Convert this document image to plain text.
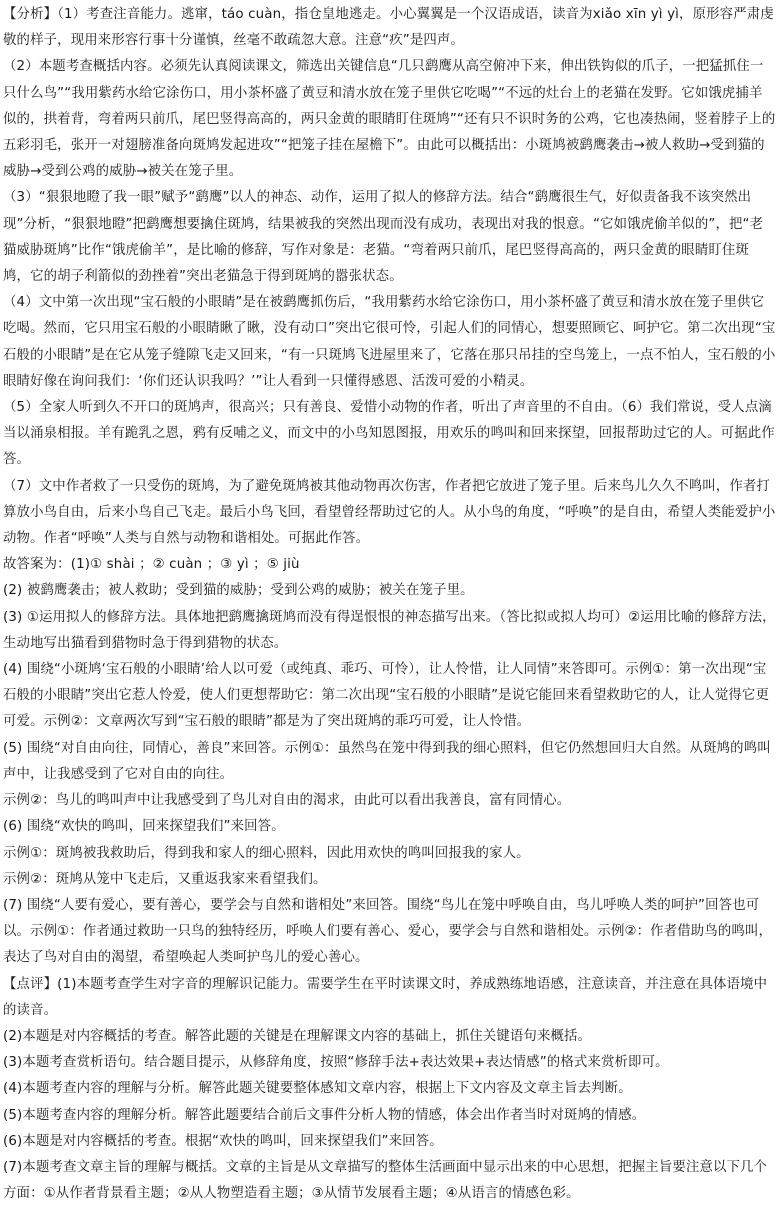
【分析】（1）考查注音能力。逃窜，táo cuàn，指仓皇地逃走。小心翼翼是一个汉语成语，读音为xiǎo xīn yì yì，原形容严肃虔敬的样子，现用来形容行事十分谨慎，丝毫不敢疏忽大意。注意“疚”是四声。

（2）本题考查概括内容。必须先认真阅读课文，筛选出关键信息“几只鹞鹰从高空俯冲下来，伸出铁钩似的爪子，一把猛抓住一只什么鸟”“我用紫药水给它涂伤口，用小茶杯盛了黄豆和清水放在笼子里供它吃喝”“不远的灶台上的老猫在发野。它如饿虎捕羊似的，拱着背，弯着两只前爪，尾巴竖得高高的，两只金黄的眼睛盯住斑鸠”“还有只不识时务的公鸡，它也凑热闹，竖着脖子上的五彩羽毛，张开一对翅膀准备向斑鸠发起进攻”“把笼子挂在屋檐下”。由此可以概括出：小斑鸠被鹞鹰袭击→被人救助→受到猫的威胁→受到公鸡的威胁→被关在笼子里。

（3）“狠狠地瞪了我一眼”赋予“鹞鹰”以人的神态、动作，运用了拟人的修辞方法。结合“鹞鹰很生气，好似责备我不该突然出现”分析，“狠狠地瞪”把鹞鹰想要擒住斑鸠，结果被我的突然出现而没有成功，表现出对我的恨意。“它如饿虎偷羊似的”，把“老猫威胁斑鸠”比作“饿虎偷羊”，是比喻的修辞，写作对象是：老猫。“弯着两只前爪，尾巴竖得高高的，两只金黄的眼睛盯住斑鸠，它的胡子利箭似的劲挫着”突出老猫急于得到斑鸠的嚣张状态。

（4）文中第一次出现“宝石般的小眼睛”是在被鹞鹰抓伤后，“我用紫药水给它涂伤口，用小茶杯盛了黄豆和清水放在笼子里供它吃喝。然而，它只用宝石般的小眼睛瞅了瞅，没有动口”突出它很可怜，引起人们的同情心，想要照顾它、呵护它。第二次出现“宝石般的小眼睛”是在它从笼子缝隙飞走又回来，“有一只斑鸠飞进屋里来了，它落在那只吊挂的空鸟笼上，一点不怕人，宝石般的小眼睛好像在询问我们：‘你们还认识我吗？’”让人看到一只懂得感恩、活泼可爱的小精灵。

（5）全家人听到久不开口的斑鸠声，很高兴；只有善良、爱惜小动物的作者，听出了声音里的不自由。（6）我们常说，受人点滴当以涌泉相报。羊有跪乳之恩，鸦有反哺之义，而文中的小鸟知恩图报，用欢乐的鸣叫和回来探望，回报帮助过它的人。可据此作答。

（7）文中作者救了一只受伤的斑鸠，为了避免斑鸠被其他动物再次伤害，作者把它放进了笼子里。后来鸟儿久久不鸣叫，作者打算放小鸟自由，后来小鸟自己飞走。最后小鸟飞回，看望曾经帮助过它的人。从小鸟的角度，“呼唤”的是自由，希望人类能爱护小动物。作者“呼唤”人类与自然与动物和谐相处。可据此作答。

故答案为：(1)① shài ；② cuàn ；③ yì ；⑤ jiù

(2) 被鹞鹰袭击；被人救助；受到猫的威胁；受到公鸡的威胁；被关在笼子里。

(3) ①运用拟人的修辞方法。具体地把鹞鹰擒斑鸠而没有得逞恨恨的神态描写出来。（答比拟或拟人均可）②运用比喻的修辞方法，生动地写出猫看到猎物时急于得到猎物的状态。

(4) 围绕“小斑鸠‘宝石般的小眼睛’给人以可爱（或纯真、乖巧、可怜），让人怜惜，让人同情”来答即可。示例①：第一次出现“宝石般的小眼睛”突出它惹人怜爱，使人们更想帮助它：第二次出现“宝石般的小眼睛”是说它能回来看望救助它的人，让人觉得它更可爱。示例②：文章两次写到“宝石般的眼睛”都是为了突出斑鸠的乖巧可爱，让人怜惜。

(5) 围绕“对自由向往，同情心，善良”来回答。示例①：虽然鸟在笼中得到我的细心照料，但它仍然想回归大自然。从斑鸠的鸣叫声中，让我感受到了它对自由的向往。

示例②：鸟儿的鸣叫声中让我感受到了鸟儿对自由的渴求，由此可以看出我善良，富有同情心。

(6) 围绕“欢快的鸣叫，回来探望我们”来回答。

示例①：斑鸠被我救助后，得到我和家人的细心照料，因此用欢快的鸣叫回报我的家人。

示例②：斑鸠从笼中飞走后，又重返我家来看望我们。

(7) 围绕“人要有爱心，要有善心，要学会与自然和谐相处”来回答。围绕“鸟儿在笼中呼唤自由，鸟儿呼唤人类的呵护”回答也可以。示例①：作者通过救助一只鸟的独特经历，呼唤人们要有善心、爱心，要学会与自然和谐相处。示例②：作者借助鸟的鸣叫，表达了鸟对自由的渴望，希望唤起人类呵护鸟儿的爱心善心。

【点评】(1)本题考查学生对字音的理解识记能力。需要学生在平时读课文时，养成熟练地语感，注意读音，并注意在具体语境中的读音。

(2)本题是对内容概括的考查。解答此题的关键是在理解课文内容的基础上，抓住关键语句来概括。

(3)本题考查赏析语句。结合题目提示，从修辞角度，按照“修辞手法+表达效果+表达情感”的格式来赏析即可。

(4)本题考查内容的理解与分析。解答此题关键要整体感知文章内容，根据上下文内容及文章主旨去判断。

(5)本题考查内容的理解分析。解答此题要结合前后文事件分析人物的情感，体会出作者当时对斑鸠的情感。

(6)本题是对内容概括的考查。根据“欢快的鸣叫，回来探望我们”来回答。

(7)本题考查文章主旨的理解与概括。文章的主旨是从文章描写的整体生活画面中显示出来的中心思想，把握主旨要注意以下几个方面：①从作者背景看主题；②从人物塑造看主题；③从情节发展看主题；④从语言的情感色彩。
